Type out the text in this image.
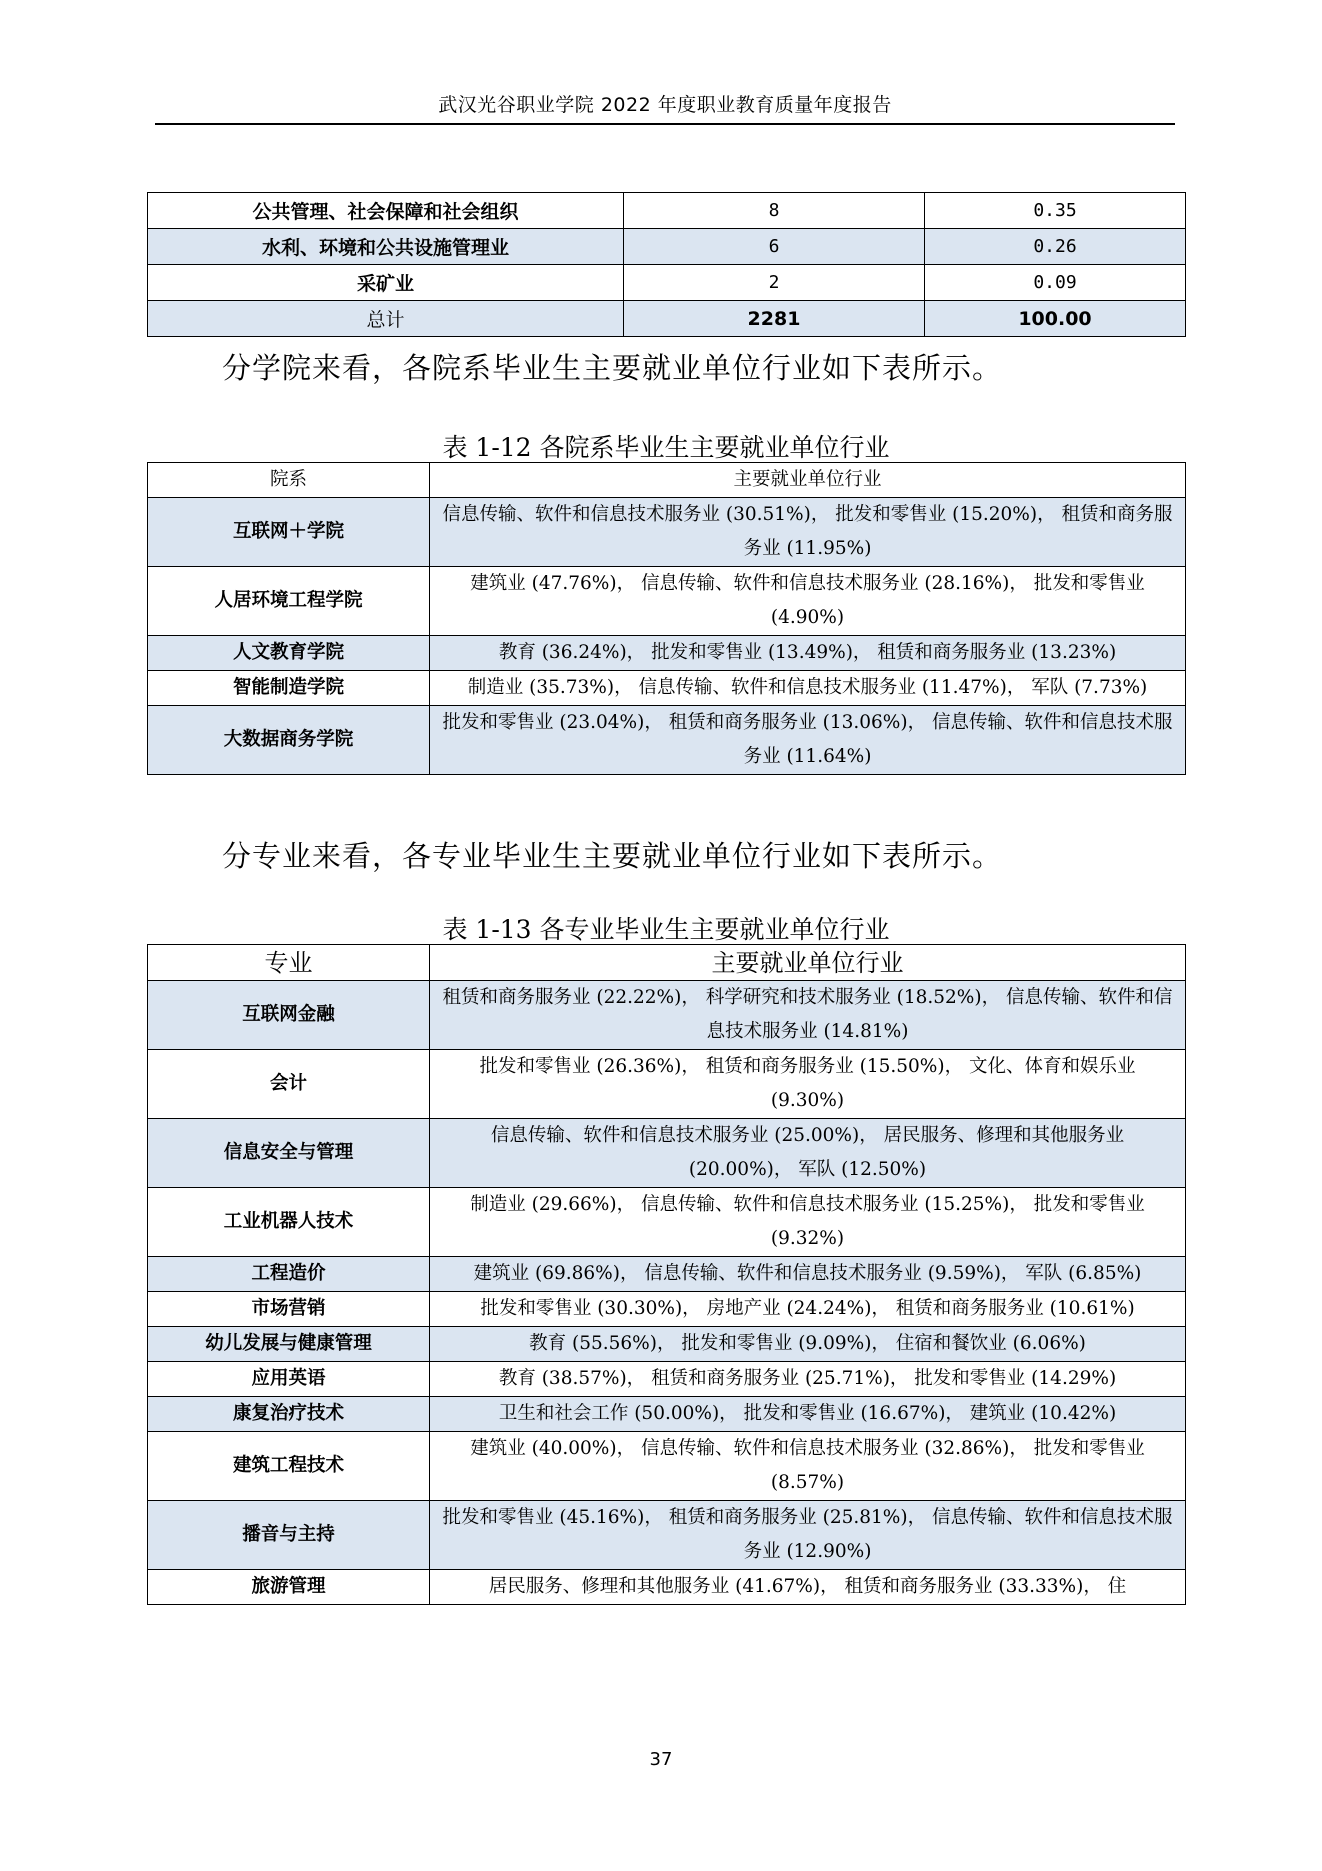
武汉光谷职业学院 2022 年度职业教育质量年度报告
公共管理、社会保障和社会组织	8	0.35
水利、环境和公共设施管理业	6	0.26
采矿业	2	0.09
总计	2281	100.00
分学院来看，各院系毕业生主要就业单位行业如下表所示。
表 1-12 各院系毕业生主要就业单位行业
院系	主要就业单位行业
互联网＋学院	信息传输、软件和信息技术服务业 (30.51%)， 批发和零售业 (15.20%)， 租赁和商务服务业 (11.95%)
人居环境工程学院	建筑业 (47.76%)， 信息传输、软件和信息技术服务业 (28.16%)， 批发和零售业 (4.90%)
人文教育学院	教育 (36.24%)， 批发和零售业 (13.49%)， 租赁和商务服务业 (13.23%)
智能制造学院	制造业 (35.73%)， 信息传输、软件和信息技术服务业 (11.47%)， 军队 (7.73%)
大数据商务学院	批发和零售业 (23.04%)， 租赁和商务服务业 (13.06%)， 信息传输、软件和信息技术服务业 (11.64%)
分专业来看，各专业毕业生主要就业单位行业如下表所示。
表 1-13 各专业毕业生主要就业单位行业
专业	主要就业单位行业
互联网金融	租赁和商务服务业 (22.22%)， 科学研究和技术服务业 (18.52%)， 信息传输、软件和信息技术服务业 (14.81%)
会计	批发和零售业 (26.36%)， 租赁和商务服务业 (15.50%)， 文化、体育和娱乐业 (9.30%)
信息安全与管理	信息传输、软件和信息技术服务业 (25.00%)， 居民服务、修理和其他服务业 (20.00%)， 军队 (12.50%)
工业机器人技术	制造业 (29.66%)， 信息传输、软件和信息技术服务业 (15.25%)， 批发和零售业 (9.32%)
工程造价	建筑业 (69.86%)， 信息传输、软件和信息技术服务业 (9.59%)， 军队 (6.85%)
市场营销	批发和零售业 (30.30%)， 房地产业 (24.24%)， 租赁和商务服务业 (10.61%)
幼儿发展与健康管理	教育 (55.56%)， 批发和零售业 (9.09%)， 住宿和餐饮业 (6.06%)
应用英语	教育 (38.57%)， 租赁和商务服务业 (25.71%)， 批发和零售业 (14.29%)
康复治疗技术	卫生和社会工作 (50.00%)， 批发和零售业 (16.67%)， 建筑业 (10.42%)
建筑工程技术	建筑业 (40.00%)， 信息传输、软件和信息技术服务业 (32.86%)， 批发和零售业 (8.57%)
播音与主持	批发和零售业 (45.16%)， 租赁和商务服务业 (25.81%)， 信息传输、软件和信息技术服务业 (12.90%)
旅游管理	居民服务、修理和其他服务业 (41.67%)， 租赁和商务服务业 (33.33%)， 住
37
